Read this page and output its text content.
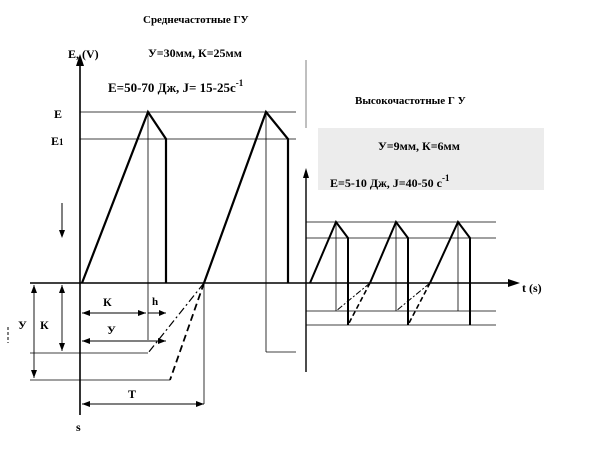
Среднечастотные ГУ
У=30мм, К=25мм
Е=50-70 Дж, $J= 15-25с^{-1}$
Высокочастотные Г У
У=9мм, К=6мм
Е=5-10 Дж, J=40-50 $с^{-1}$
Е, (V)
t (s)
s
Е
Е1
К	h
У
Т
У К
